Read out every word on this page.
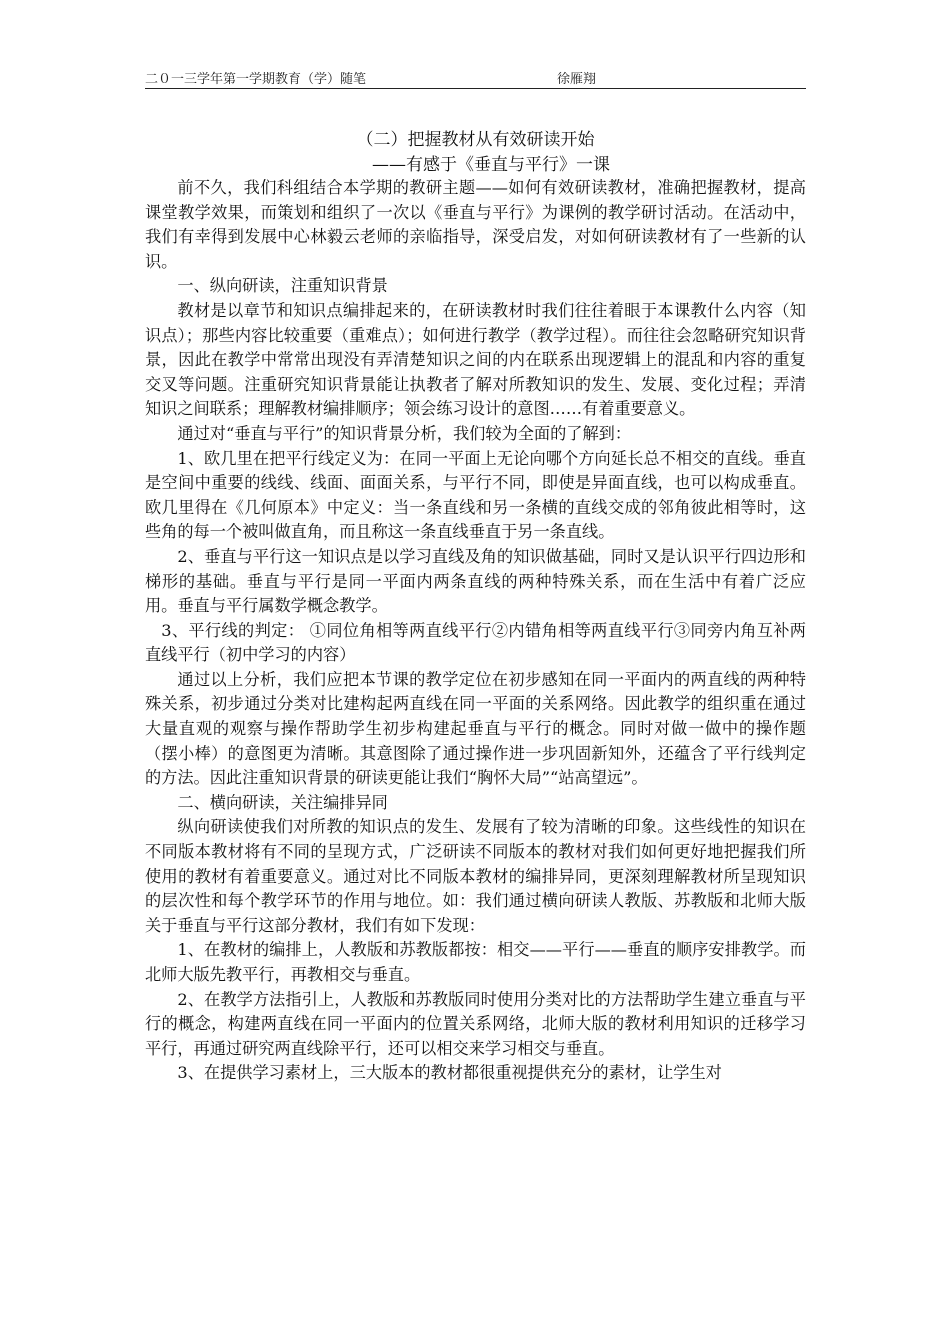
二０一三学年第一学期教育（学）随笔	徐雁翔
（二）把握教材从有效研读开始
——有感于《垂直与平行》一课

前不久，我们科组结合本学期的教研主题——如何有效研读教材，准确把握教材，提高课堂教学效果，而策划和组织了一次以《垂直与平行》为课例的教学研讨活动。在活动中，我们有幸得到发展中心林毅云老师的亲临指导，深受启发，对如何研读教材有了一些新的认识。

一、纵向研读，注重知识背景

教材是以章节和知识点编排起来的，在研读教材时我们往往着眼于本课教什么内容（知识点）；那些内容比较重要（重难点）；如何进行教学（教学过程）。而往往会忽略研究知识背景，因此在教学中常常出现没有弄清楚知识之间的内在联系出现逻辑上的混乱和内容的重复交叉等问题。注重研究知识背景能让执教者了解对所教知识的发生、发展、变化过程；弄清知识之间联系；理解教材编排顺序；领会练习设计的意图……有着重要意义。

通过对“垂直与平行”的知识背景分析，我们较为全面的了解到：

1、欧几里在把平行线定义为：在同一平面上无论向哪个方向延长总不相交的直线。垂直是空间中重要的线线、线面、面面关系，与平行不同，即使是异面直线，也可以构成垂直。欧几里得在《几何原本》中定义：当一条直线和另一条横的直线交成的邻角彼此相等时，这些角的每一个被叫做直角，而且称这一条直线垂直于另一条直线。

2、垂直与平行这一知识点是以学习直线及角的知识做基础，同时又是认识平行四边形和梯形的基础。垂直与平行是同一平面内两条直线的两种特殊关系，而在生活中有着广泛应用。垂直与平行属数学概念教学。

3、平行线的判定： ①同位角相等两直线平行②内错角相等两直线平行③同旁内角互补两直线平行（初中学习的内容）

通过以上分析，我们应把本节课的教学定位在初步感知在同一平面内的两直线的两种特殊关系，初步通过分类对比建构起两直线在同一平面的关系网络。因此教学的组织重在通过大量直观的观察与操作帮助学生初步构建起垂直与平行的概念。同时对做一做中的操作题（摆小棒）的意图更为清晰。其意图除了通过操作进一步巩固新知外，还蕴含了平行线判定的方法。因此注重知识背景的研读更能让我们“胸怀大局”“站高望远”。

二、横向研读，关注编排异同

纵向研读使我们对所教的知识点的发生、发展有了较为清晰的印象。这些线性的知识在不同版本教材将有不同的呈现方式，广泛研读不同版本的教材对我们如何更好地把握我们所使用的教材有着重要意义。通过对比不同版本教材的编排异同，更深刻理解教材所呈现知识的层次性和每个教学环节的作用与地位。如：我们通过横向研读人教版、苏教版和北师大版关于垂直与平行这部分教材，我们有如下发现：

1、在教材的编排上，人教版和苏教版都按：相交——平行——垂直的顺序安排教学。而北师大版先教平行，再教相交与垂直。

2、在教学方法指引上，人教版和苏教版同时使用分类对比的方法帮助学生建立垂直与平行的概念，构建两直线在同一平面内的位置关系网络，北师大版的教材利用知识的迁移学习平行，再通过研究两直线除平行，还可以相交来学习相交与垂直。

3、在提供学习素材上，三大版本的教材都很重视提供充分的素材，让学生对
